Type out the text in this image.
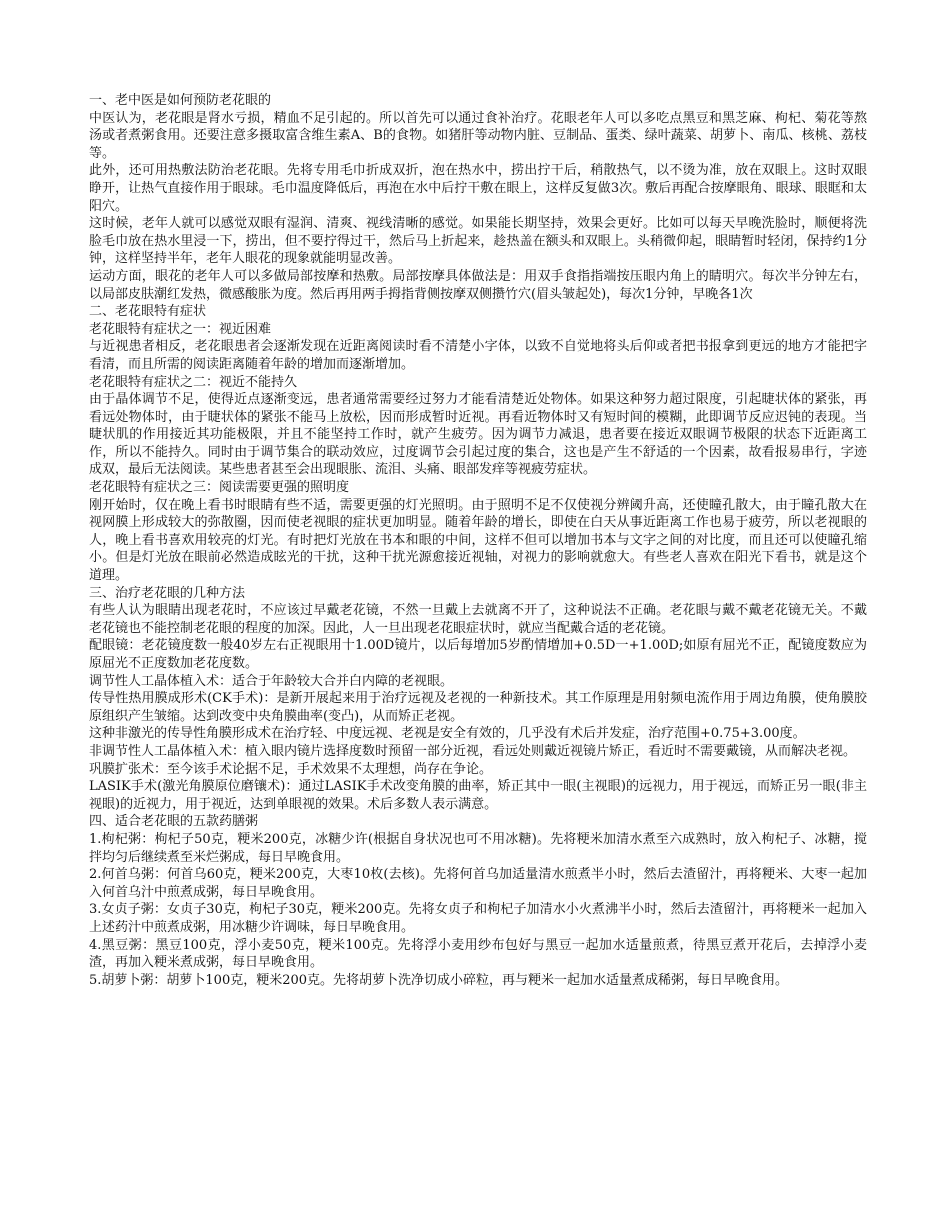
一、老中医是如何预防老花眼的

中医认为，老花眼是肾水亏损，精血不足引起的。所以首先可以通过食补治疗。花眼老年人可以多吃点黑豆和黑芝麻、枸杞、菊花等熬汤或者煮粥食用。还要注意多摄取富含维生素A、B的食物。如猪肝等动物内脏、豆制品、蛋类、绿叶蔬菜、胡萝卜、南瓜、核桃、荔枝等。

此外，还可用热敷法防治老花眼。先将专用毛巾折成双折，泡在热水中，捞出拧干后，稍散热气，以不烫为准，放在双眼上。这时双眼睁开，让热气直接作用于眼球。毛巾温度降低后，再泡在水中后拧干敷在眼上，这样反复做3次。敷后再配合按摩眼角、眼球、眼眶和太阳穴。

这时候，老年人就可以感觉双眼有湿润、清爽、视线清晰的感觉。如果能长期坚持，效果会更好。比如可以每天早晚洗脸时，顺便将洗脸毛巾放在热水里浸一下，捞出，但不要拧得过干，然后马上折起来，趁热盖在额头和双眼上。头稍微仰起，眼睛暂时轻闭，保持约1分钟，这样坚持半年，老年人眼花的现象就能明显改善。

运动方面，眼花的老年人可以多做局部按摩和热敷。局部按摩具体做法是：用双手食指指端按压眼内角上的睛明穴。每次半分钟左右，以局部皮肤潮红发热，微感酸胀为度。然后再用两手拇指背侧按摩双侧攒竹穴(眉头皱起处)，每次1分钟，早晚各1次

二、老花眼特有症状

老花眼特有症状之一：视近困难

与近视患者相反，老花眼患者会逐渐发现在近距离阅读时看不清楚小字体，以致不自觉地将头后仰或者把书报拿到更远的地方才能把字看清，而且所需的阅读距离随着年龄的增加而逐渐增加。

老花眼特有症状之二：视近不能持久

由于晶体调节不足，使得近点逐渐变远，患者通常需要经过努力才能看清楚近处物体。如果这种努力超过限度，引起睫状体的紧张，再看远处物体时，由于睫状体的紧张不能马上放松，因而形成暂时近视。再看近物体时又有短时间的模糊，此即调节反应迟钝的表现。当睫状肌的作用接近其功能极限，并且不能坚持工作时，就产生疲劳。因为调节力减退，患者要在接近双眼调节极限的状态下近距离工作，所以不能持久。同时由于调节集合的联动效应，过度调节会引起过度的集合，这也是产生不舒适的一个因素，故看报易串行，字迹成双，最后无法阅读。某些患者甚至会出现眼胀、流泪、头痛、眼部发痒等视疲劳症状。

老花眼特有症状之三：阅读需要更强的照明度

刚开始时，仅在晚上看书时眼睛有些不适，需要更强的灯光照明。由于照明不足不仅使视分辨阈升高，还使瞳孔散大，由于瞳孔散大在视网膜上形成较大的弥散圈，因而使老视眼的症状更加明显。随着年龄的增长，即使在白天从事近距离工作也易于疲劳，所以老视眼的人，晚上看书喜欢用较亮的灯光。有时把灯光放在书本和眼的中间，这样不但可以增加书本与文字之间的对比度，而且还可以使瞳孔缩小。但是灯光放在眼前必然造成眩光的干扰，这种干扰光源愈接近视轴，对视力的影响就愈大。有些老人喜欢在阳光下看书，就是这个道理。

三、治疗老花眼的几种方法

有些人认为眼睛出现老花时，不应该过早戴老花镜，不然一旦戴上去就离不开了，这种说法不正确。老花眼与戴不戴老花镜无关。不戴老花镜也不能控制老花眼的程度的加深。因此，人一旦出现老花眼症状时，就应当配戴合适的老花镜。

配眼镜：老花镜度数一般40岁左右正视眼用十1.00D镜片，以后每增加5岁酌情增加+0.5D一+1.00D;如原有屈光不正，配镜度数应为原屈光不正度数加老花度数。

调节性人工晶体植入术：适合于年龄较大合并白内障的老视眼。

传导性热用膜成形术(CK手术)：是新开展起来用于治疗远视及老视的一种新技术。其工作原理是用射频电流作用于周边角膜，使角膜胶原组织产生皱缩。达到改变中央角膜曲率(变凸)，从而矫正老视。

这种非激光的传导性角膜形成术在治疗轻、中度远视、老视是安全有效的，几乎没有术后并发症，治疗范围+0.75+3.00度。

非调节性人工晶体植入术：植入眼内镜片选择度数时预留一部分近视，看远处则戴近视镜片矫正，看近时不需要戴镜，从而解决老视。

巩膜扩张术：至今该手术论据不足，手术效果不太理想，尚存在争论。

LASIK手术(激光角膜原位磨镶术)：通过LASIK手术改变角膜的曲率，矫正其中一眼(主视眼)的远视力，用于视远，而矫正另一眼(非主视眼)的近视力，用于视近，达到单眼视的效果。术后多数人表示满意。

四、适合老花眼的五款药膳粥

1.枸杞粥：枸杞子50克，粳米200克，冰糖少许(根据自身状况也可不用冰糖)。先将粳米加清水煮至六成熟时，放入枸杞子、冰糖，搅拌均匀后继续煮至米烂粥成，每日早晚食用。

2.何首乌粥：何首乌60克，粳米200克，大枣10枚(去核)。先将何首乌加适量清水煎煮半小时，然后去渣留汁，再将粳米、大枣一起加入何首乌汁中煎煮成粥，每日早晚食用。

3.女贞子粥：女贞子30克，枸杞子30克，粳米200克。先将女贞子和枸杞子加清水小火煮沸半小时，然后去渣留汁，再将粳米一起加入上述药汁中煎煮成粥，用冰糖少许调味，每日早晚食用。

4.黑豆粥：黑豆100克，浮小麦50克，粳米100克。先将浮小麦用纱布包好与黑豆一起加水适量煎煮，待黑豆煮开花后，去掉浮小麦渣，再加入粳米煮成粥，每日早晚食用。

5.胡萝卜粥：胡萝卜100克，粳米200克。先将胡萝卜洗净切成小碎粒，再与粳米一起加水适量煮成稀粥，每日早晚食用。
